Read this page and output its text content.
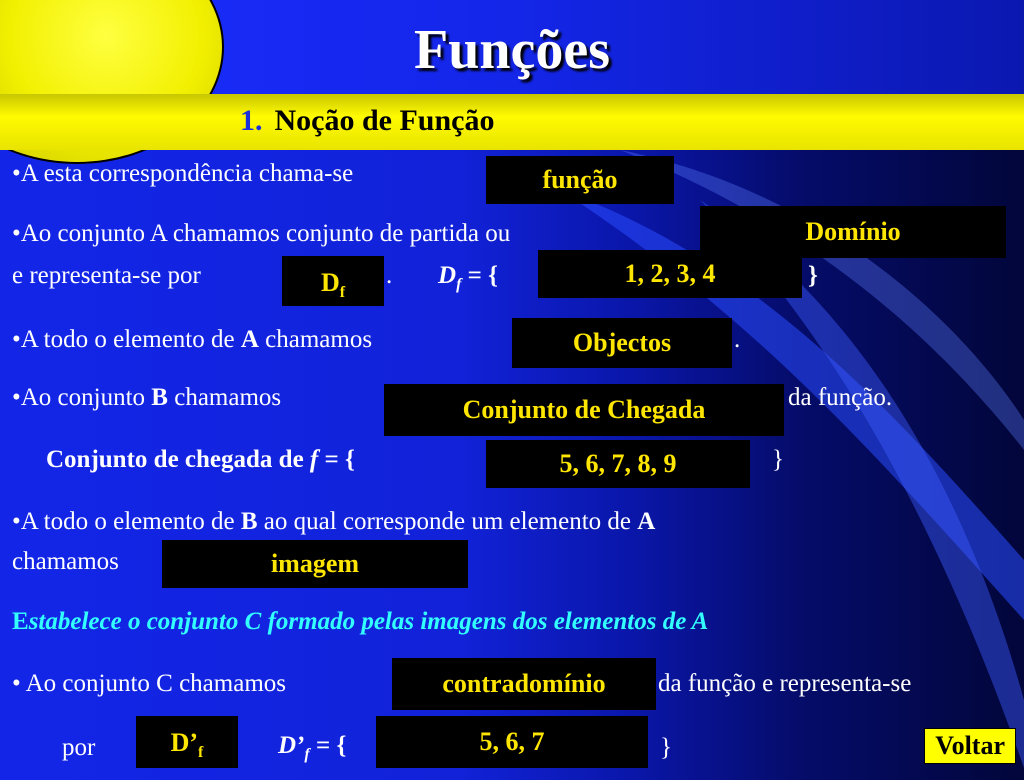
Funções
1. Noção de Função
•A esta correspondência chama-se	função
•Ao conjunto A chamamos conjunto de partida ou	Domínio
e representa-se por	$D_f$
. $D_f$ = {	1, 2, 3, 4	}
•A todo o elemento de A chamamos	Objectos	.
•Ao conjunto B chamamos	Conjunto de Chegada	da função.
Conjunto de chegada de f = {	5, 6, 7, 8, 9	}
•A todo o elemento de B ao qual corresponde um elemento de A
chamamos	imagem
Estabelece o conjunto C formado pelas imagens dos elementos de A
• Ao conjunto C chamamos	contradomínio	da função e representa-se
por	$D’_f$	$D’_f$ = {	5, 6, 7	}	Voltar
